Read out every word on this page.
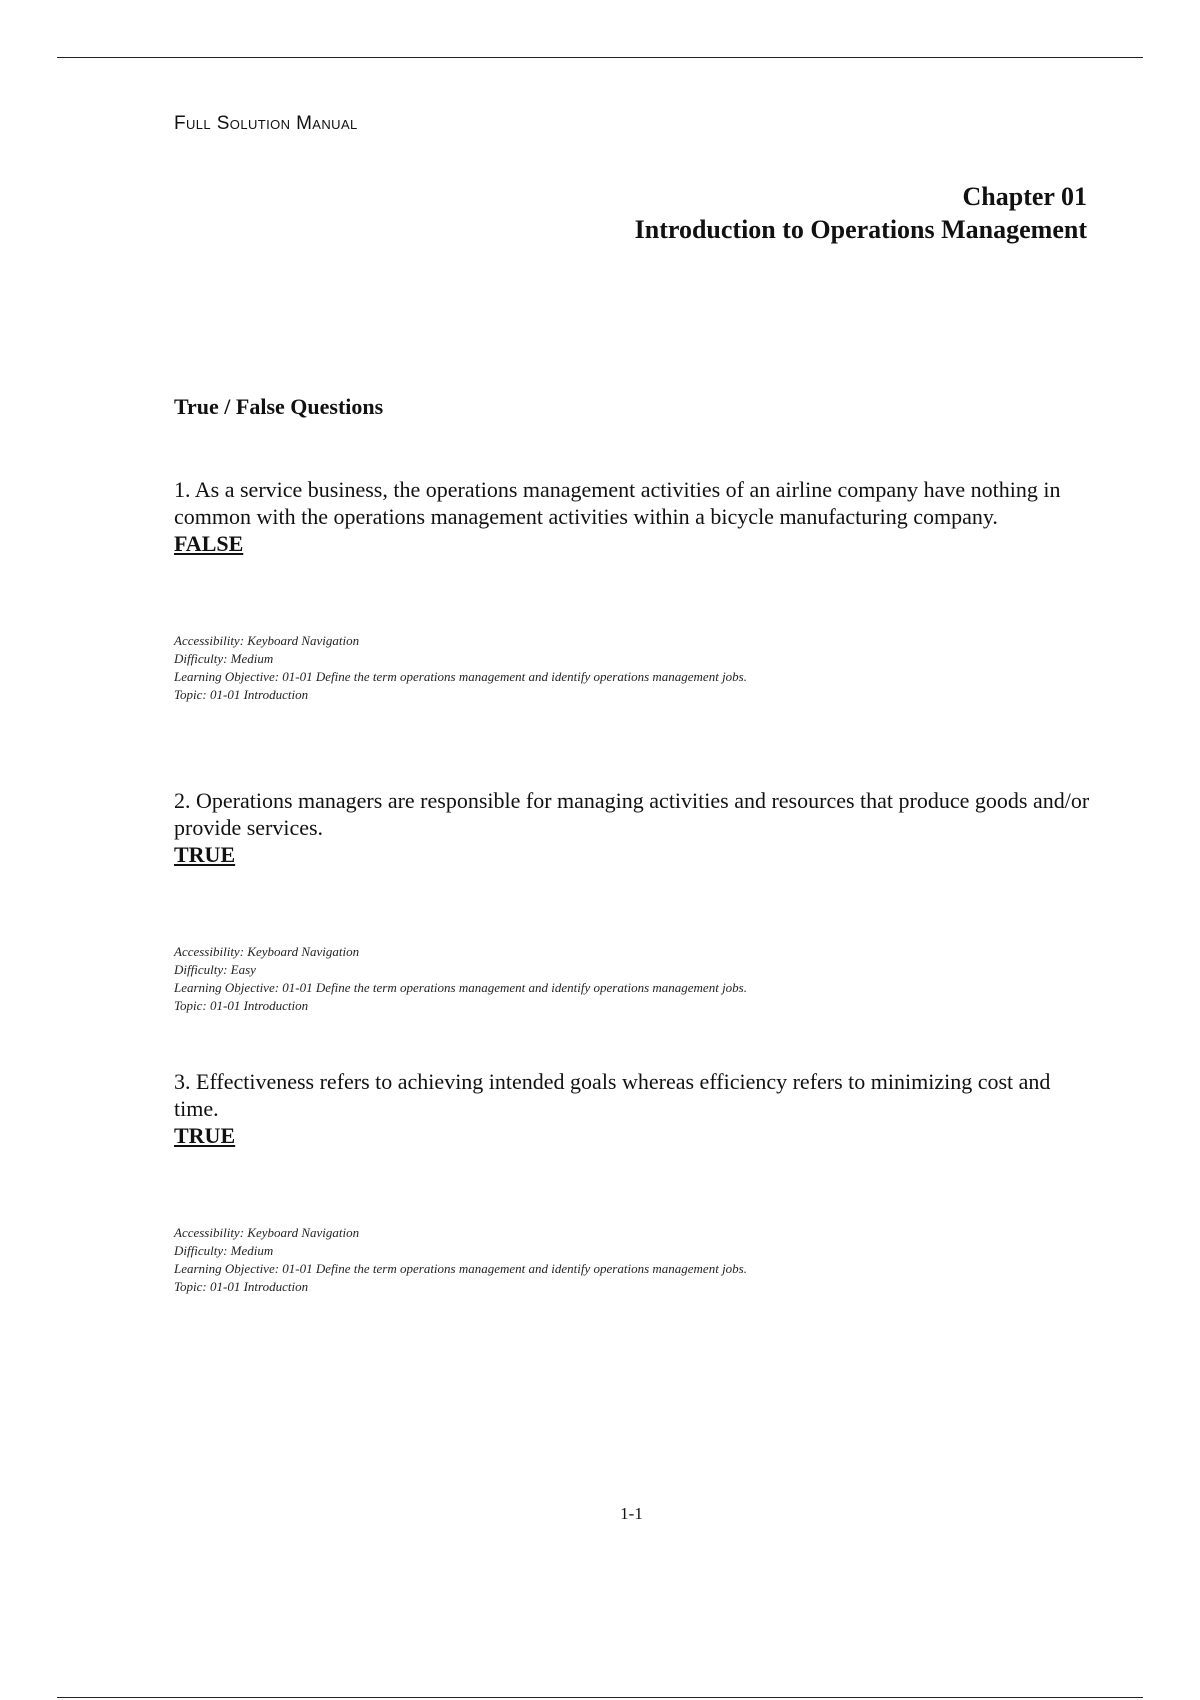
Full Solution Manual
Chapter 01
Introduction to Operations Management
True / False Questions
1. As a service business, the operations management activities of an airline company have nothing in common with the operations management activities within a bicycle manufacturing company.
FALSE
Accessibility: Keyboard Navigation
Difficulty: Medium
Learning Objective: 01-01 Define the term operations management and identify operations management jobs.
Topic: 01-01 Introduction
2. Operations managers are responsible for managing activities and resources that produce goods and/or provide services.
TRUE
Accessibility: Keyboard Navigation
Difficulty: Easy
Learning Objective: 01-01 Define the term operations management and identify operations management jobs.
Topic: 01-01 Introduction
3. Effectiveness refers to achieving intended goals whereas efficiency refers to minimizing cost and time.
TRUE
Accessibility: Keyboard Navigation
Difficulty: Medium
Learning Objective: 01-01 Define the term operations management and identify operations management jobs.
Topic: 01-01 Introduction
1-1
